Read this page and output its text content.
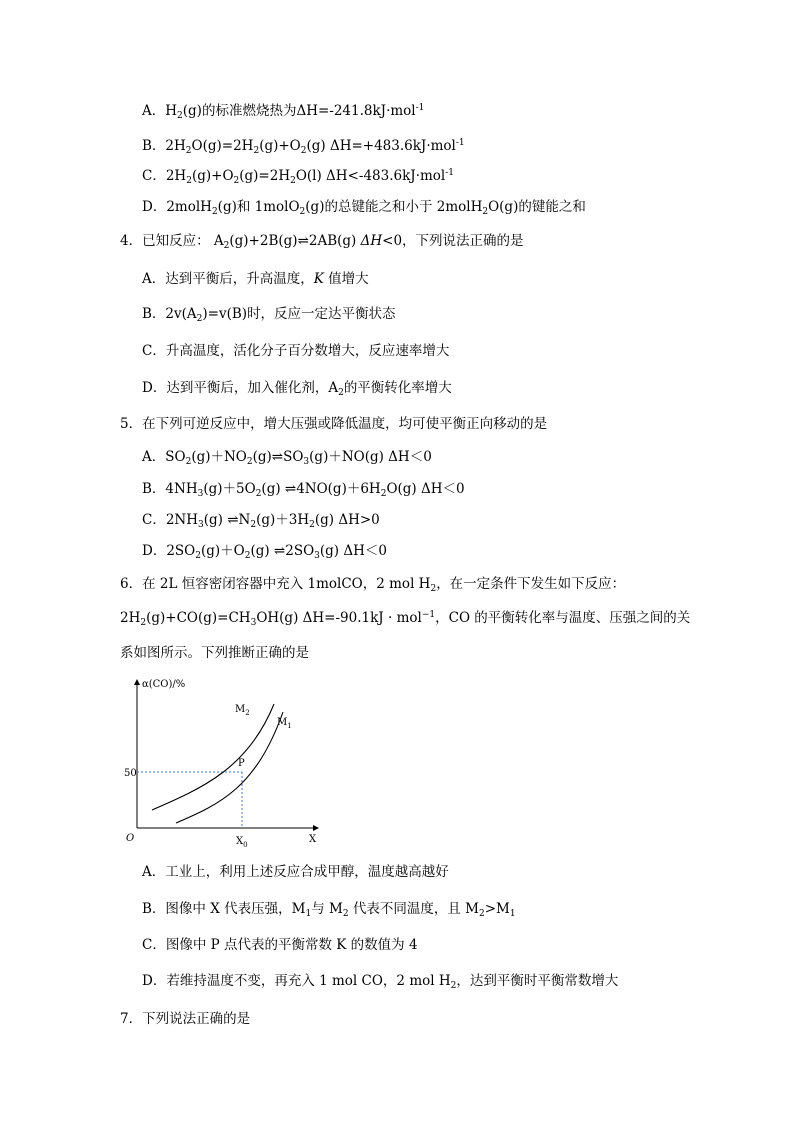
A．$H_2(g)$的标准燃烧热为ΔH=-241.8kJ·mol$^{-1}$
B．$2H_2O(g)=2H_2(g)+O_2(g)$ ΔH=+483.6kJ·mol$^{-1}$
C．$2H_2(g)+O_2(g)=2H_2O(l)$ ΔH<-483.6kJ·mol$^{-1}$
D．2molH$_2$(g)和 1molO$_2$(g)的总键能之和小于 2molH$_2$O(g)的键能之和
4．已知反应： $A_2(g)+2B(g)\rightleftharpoons 2AB(g)$ ΔH<0，下列说法正确的是
A．达到平衡后，升高温度，K 值增大
B．$2v(A_2)=v(B)$时，反应一定达平衡状态
C．升高温度，活化分子百分数增大，反应速率增大
D．达到平衡后，加入催化剂，$A_2$的平衡转化率增大
5．在下列可逆反应中，增大压强或降低温度，均可使平衡正向移动的是
A．$SO_2(g)+NO_2(g)\rightleftharpoons SO_3(g)+NO(g)$ ΔH＜0
B．$4NH_3(g)+5O_2(g)$ $\rightleftharpoons 4NO(g)+6H_2O(g)$ ΔH＜0
C．$2NH_3(g)$ $\rightleftharpoons N_2(g)+3H_2(g)$ ΔH>0
D．$2SO_2(g)+O_2(g)$ $\rightleftharpoons 2SO_3(g)$ ΔH＜0
6．在 2L 恒容密闭容器中充入 1molCO，2 mol $H_2$，在一定条件下发生如下反应：
$2H_2(g)+CO(g)=CH_3OH(g) \Delta H=-90.1kJ \cdot mol^{-1}$，CO 的平衡转化率与温度、压强之间的关
系如图所示。下列推断正确的是
α(CO)/%
$M_2$
$M_1$
P
50
O	$X_0$	X
A．工业上，利用上述反应合成甲醇，温度越高越好
B．图像中 X 代表压强，$M_1$与 $M_2$ 代表不同温度，且 $M_2>M_1$
C．图像中 P 点代表的平衡常数 K 的数值为 4
D．若维持温度不变，再充入 1 mol CO，2 mol $H_2$，达到平衡时平衡常数增大
7．下列说法正确的是
